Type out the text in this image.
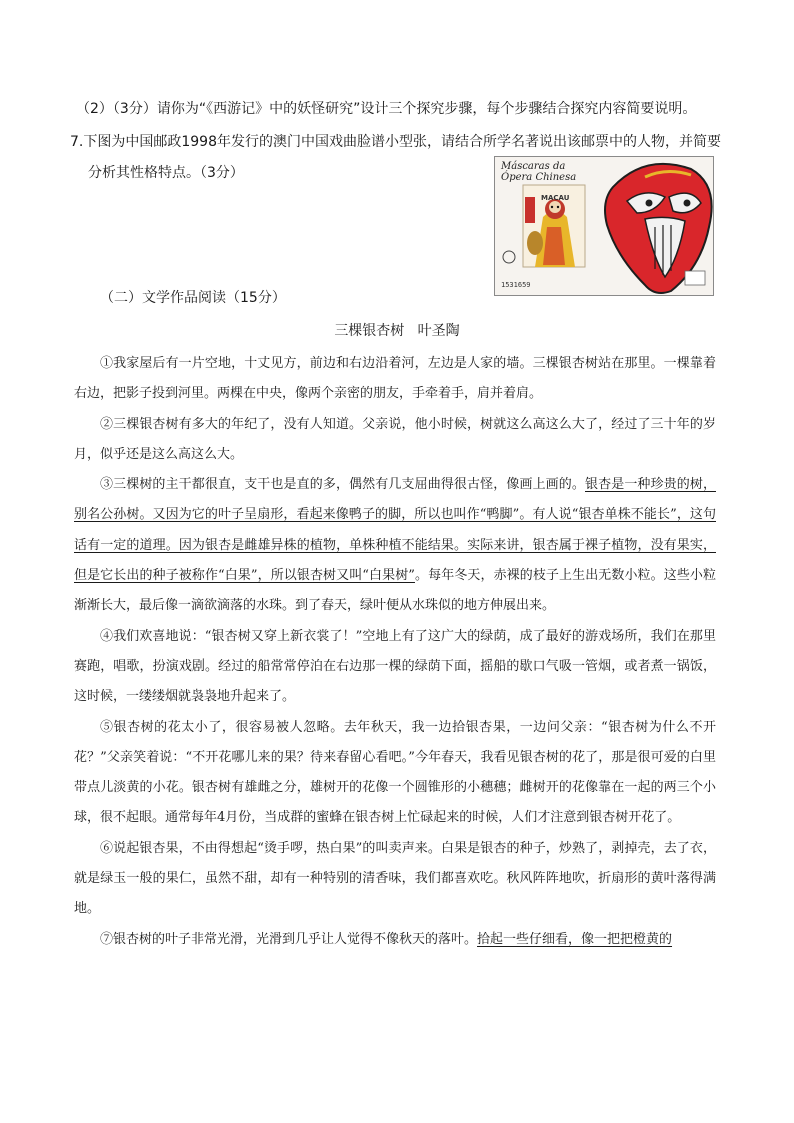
（2）（3分）请你为“《西游记》中的妖怪研究”设计三个探究步骤，每个步骤结合探究内容简要说明。
7.下图为中国邮政1998年发行的澳门中国戏曲脸谱小型张，请结合所学名著说出该邮票中的人物，并简要
分析其性格特点。（3分）	Máscaras da
Ópera Chinesa
MACAU
1531659
（二）文学作品阅读（15分）
三棵银杏树   叶圣陶

①我家屋后有一片空地，十丈见方，前边和右边沿着河，左边是人家的墙。三棵银杏树站在那里。一棵靠着右边，把影子投到河里。两棵在中央，像两个亲密的朋友，手牵着手，肩并着肩。

②三棵银杏树有多大的年纪了，没有人知道。父亲说，他小时候，树就这么高这么大了，经过了三十年的岁月，似乎还是这么高这么大。

③三棵树的主干都很直，支干也是直的多，偶然有几支屈曲得很古怪，像画上画的。银杏是一种珍贵的树，别名公孙树。又因为它的叶子呈扇形，看起来像鸭子的脚，所以也叫作“鸭脚”。有人说“银杏单株不能长”，这句话有一定的道理。因为银杏是雌雄异株的植物，单株种植不能结果。实际来讲，银杏属于裸子植物，没有果实，但是它长出的种子被称作“白果”，所以银杏树又叫“白果树”。每年冬天，赤裸的枝子上生出无数小粒。这些小粒渐渐长大，最后像一滴欲滴落的水珠。到了春天，绿叶便从水珠似的地方伸展出来。

④我们欢喜地说：“银杏树又穿上新衣裳了！”空地上有了这广大的绿荫，成了最好的游戏场所，我们在那里赛跑，唱歌，扮演戏剧。经过的船常常停泊在右边那一棵的绿荫下面，摇船的歇口气吸一管烟，或者煮一锅饭，这时候，一缕缕烟就袅袅地升起来了。

⑤银杏树的花太小了，很容易被人忽略。去年秋天，我一边拾银杏果，一边问父亲：“银杏树为什么不开花？”父亲笑着说：“不开花哪儿来的果？待来春留心看吧。”今年春天，我看见银杏树的花了，那是很可爱的白里带点儿淡黄的小花。银杏树有雄雌之分，雄树开的花像一个圆锥形的小穗穗；雌树开的花像靠在一起的两三个小球，很不起眼。通常每年4月份，当成群的蜜蜂在银杏树上忙碌起来的时候，人们才注意到银杏树开花了。

⑥说起银杏果，不由得想起“烫手啰，热白果”的叫卖声来。白果是银杏的种子，炒熟了，剥掉壳，去了衣，就是绿玉一般的果仁，虽然不甜，却有一种特别的清香味，我们都喜欢吃。秋风阵阵地吹，折扇形的黄叶落得满地。

⑦银杏树的叶子非常光滑，光滑到几乎让人觉得不像秋天的落叶。拾起一些仔细看，像一把把橙黄的
